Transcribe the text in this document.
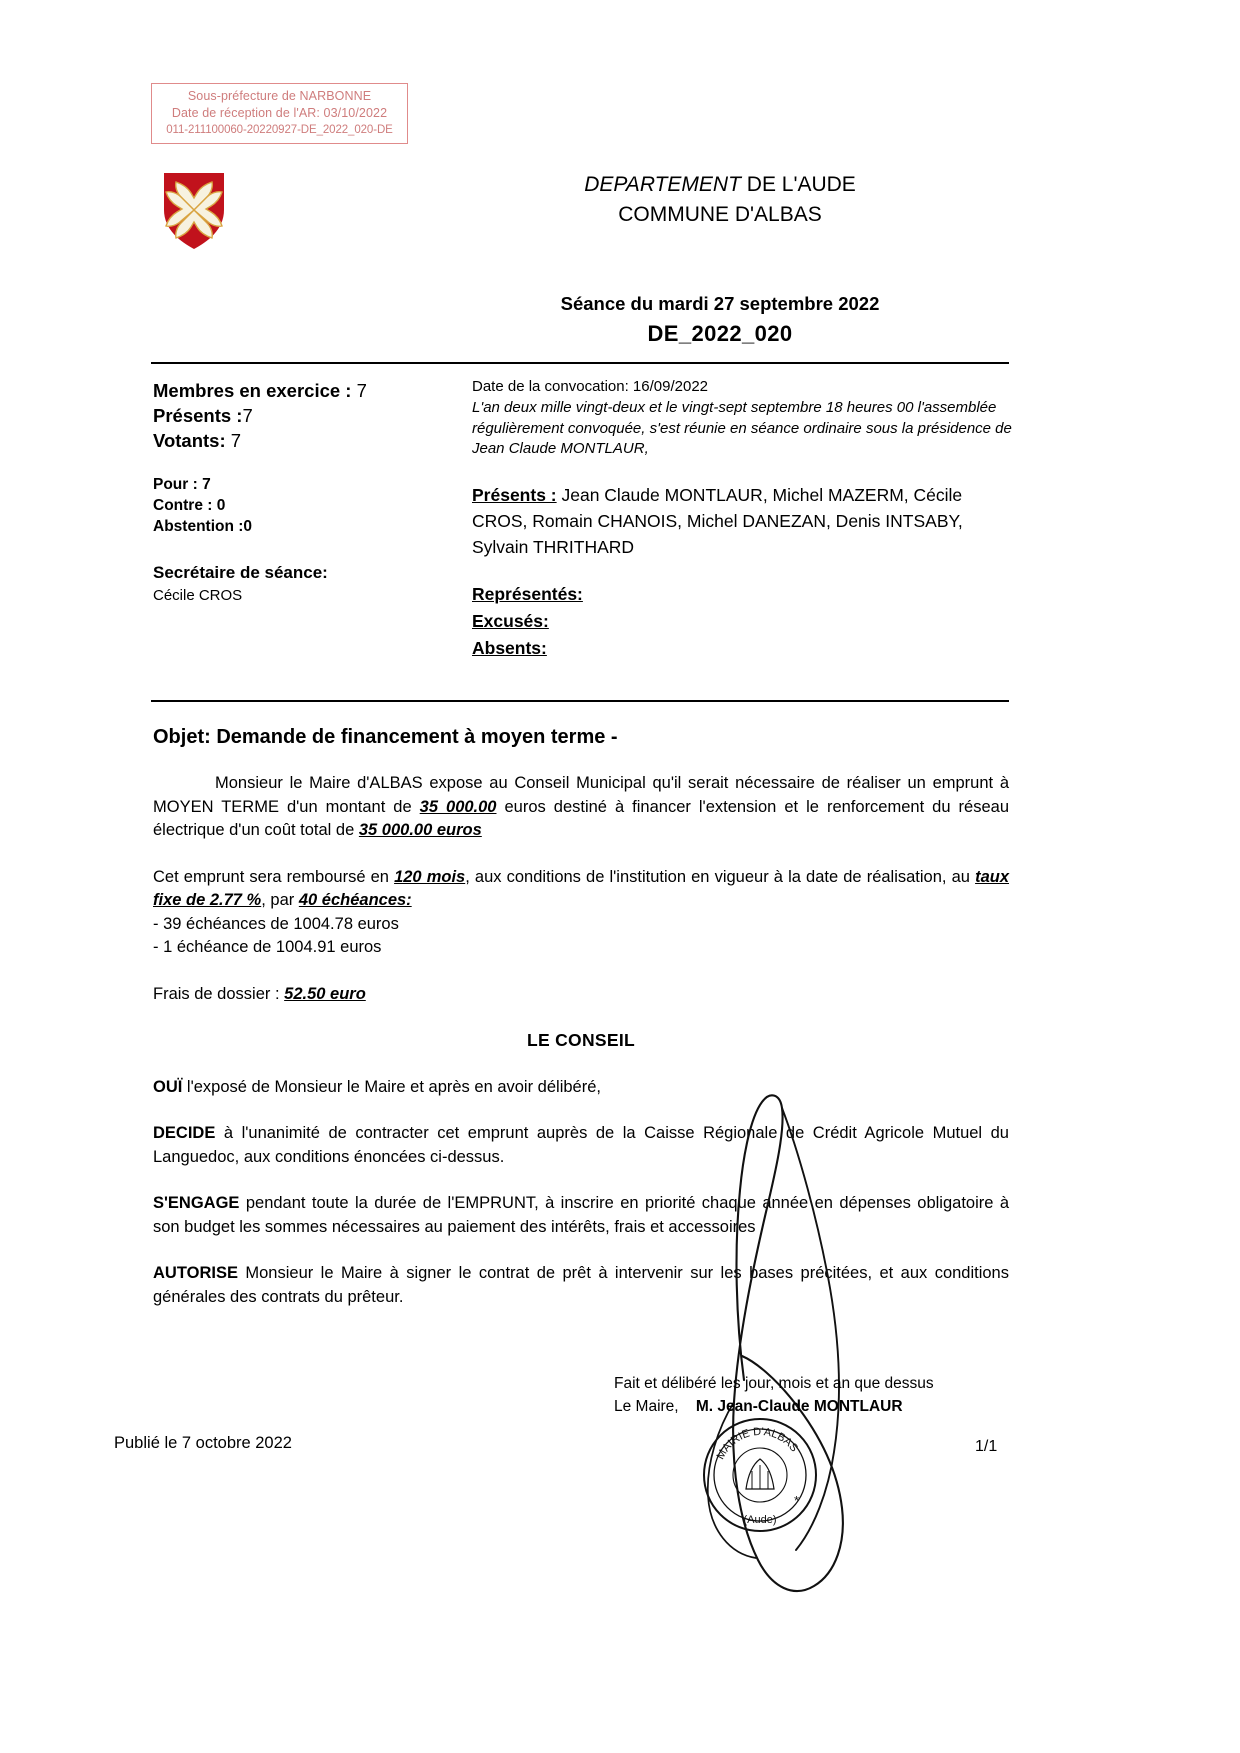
Sous-préfecture de NARBONNE
Date de réception de l'AR: 03/10/2022
011-211100060-20220927-DE_2022_020-DE
DEPARTEMENT DE L'AUDE
COMMUNE D'ALBAS
Séance du mardi 27 septembre 2022
DE_2022_020
Membres en exercice : 7
Présents :7
Votants: 7
Pour : 7
Contre : 0
Abstention :0
Secrétaire de séance:
Cécile CROS
Date de la convocation: 16/09/2022
L'an deux mille vingt-deux et le vingt-sept septembre 18 heures 00 l'assemblée régulièrement convoquée, s'est réunie en séance ordinaire sous la présidence de Jean Claude MONTLAUR,
Présents : Jean Claude MONTLAUR, Michel MAZERM, Cécile CROS, Romain CHANOIS, Michel DANEZAN, Denis INTSABY, Sylvain THRITHARD

Représentés:

Excusés:

Absents:

Objet: Demande de financement à moyen terme -

Monsieur le Maire d'ALBAS expose au Conseil Municipal qu'il serait nécessaire de réaliser un emprunt à MOYEN TERME d'un montant de 35 000.00 euros destiné à financer l'extension et le renforcement du réseau électrique d'un coût total de 35 000.00 euros

Cet emprunt sera remboursé en 120 mois, aux conditions de l'institution en vigueur à la date de réalisation, au taux fixe de 2.77 %, par 40 échéances:

- 39 échéances de 1004.78 euros

- 1 échéance de 1004.91 euros

Frais de dossier : 52.50 euro

LE CONSEIL

OUÏ l'exposé de Monsieur le Maire et après en avoir délibéré,

DECIDE à l'unanimité de contracter cet emprunt auprès de la Caisse Régionale de Crédit Agricole Mutuel du Languedoc, aux conditions énoncées ci-dessus.

S'ENGAGE pendant toute la durée de l'EMPRUNT, à inscrire en priorité chaque année en dépenses obligatoire à son budget les sommes nécessaires au paiement des intérêts, frais et accessoires

AUTORISE Monsieur le Maire à signer le contrat de prêt à intervenir sur les bases précitées, et aux conditions générales des contrats du prêteur.

MAIRIE D'ALBAS
(Aude)
*
Fait et délibéré les jour, mois et an que dessus
Le Maire, M. Jean-Claude MONTLAUR
Publié le 7 octobre 2022	1/1
